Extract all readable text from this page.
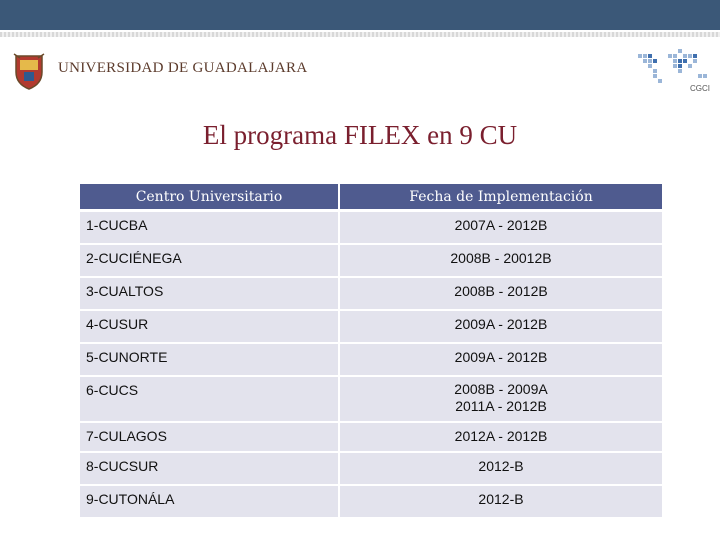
UNIVERSIDAD DE GUADALAJARA
CGCI
El programa FILEX en 9 CU
Centro Universitario	Fecha de Implementación
1-CUCBA	2007A - 2012B
2-CUCIÉNEGA	2008B - 20012B
3-CUALTOS	2008B - 2012B
4-CUSUR	2009A - 2012B
5-CUNORTE	2009A - 2012B
6-CUCS	2008B - 2009A
2011A - 2012B

7-CULAGOS	2012A - 2012B
8-CUCSUR	2012-B
9-CUTONÁLA	2012-B
